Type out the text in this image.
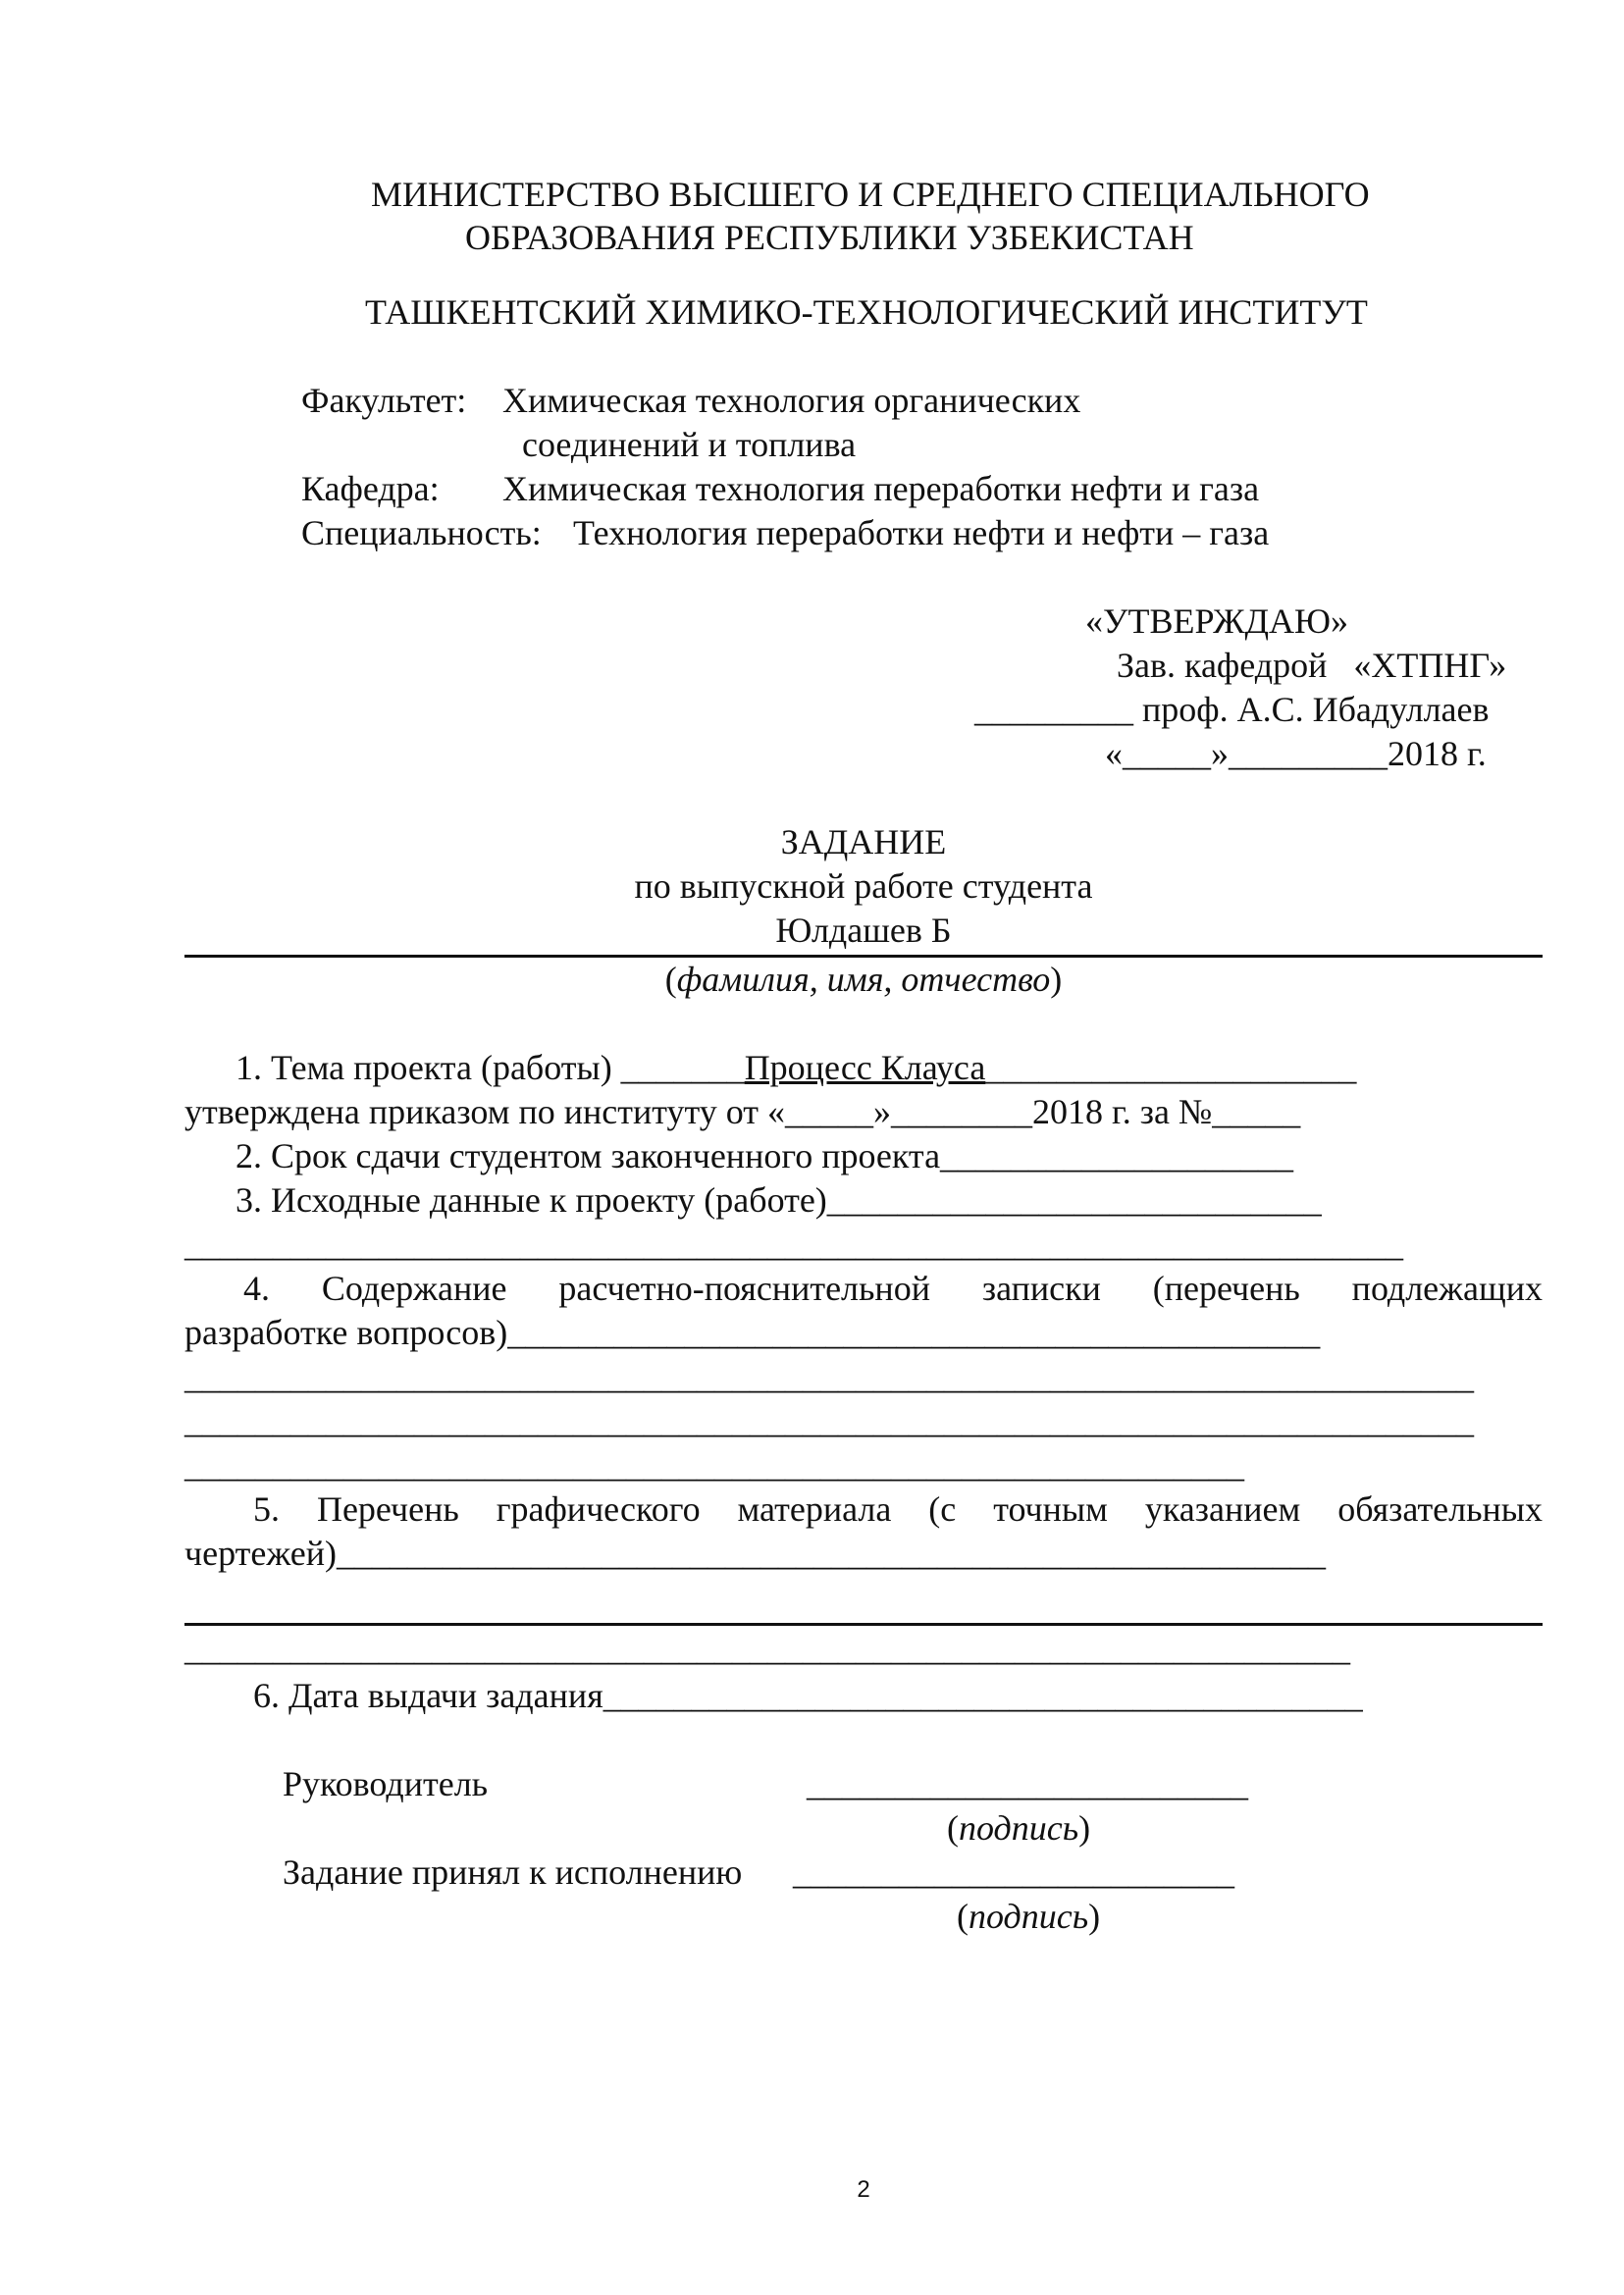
МИНИСТЕРСТВО ВЫСШЕГО И СРЕДНЕГО СПЕЦИАЛЬНОГО
ОБРАЗОВАНИЯ РЕСПУБЛИКИ УЗБЕКИСТАН
ТАШКЕНТСКИЙ ХИМИКО-ТЕХНОЛОГИЧЕСКИЙ ИНСТИТУТ
Факультет: Химическая технология органических
соединений и топлива
Кафедра: Химическая технология переработки нефти и газа
Специальность: Технология переработки нефти и нефти – газа
«УТВЕРЖДАЮ»
Зав. кафедрой   «ХТПНГ»
_________ проф. А.С. Ибадуллаев
«_____»_________2018 г.
ЗАДАНИЕ
по выпускной работе студента
Юлдашев Б
(фамилия, имя, отчество)
1. Тема проекта (работы) _______Процесс Клауса_____________________
утверждена приказом по институту от «_____»________2018 г. за №_____
2. Срок сдачи студентом законченного проекта____________________
3. Исходные данные к проекту (работе)____________________________
_____________________________________________________________________
4. Содержание расчетно-пояснительной записки (перечень подлежащих
разработке вопросов)______________________________________________
_________________________________________________________________________
_________________________________________________________________________
____________________________________________________________
5. Перечень графического материала (с точным указанием обязательных
чертежей)________________________________________________________
__________________________________________________________________
6. Дата выдачи задания___________________________________________
Руководитель	_________________________
(подпись)
Задание принял к исполнению _________________________
(подпись)
2
